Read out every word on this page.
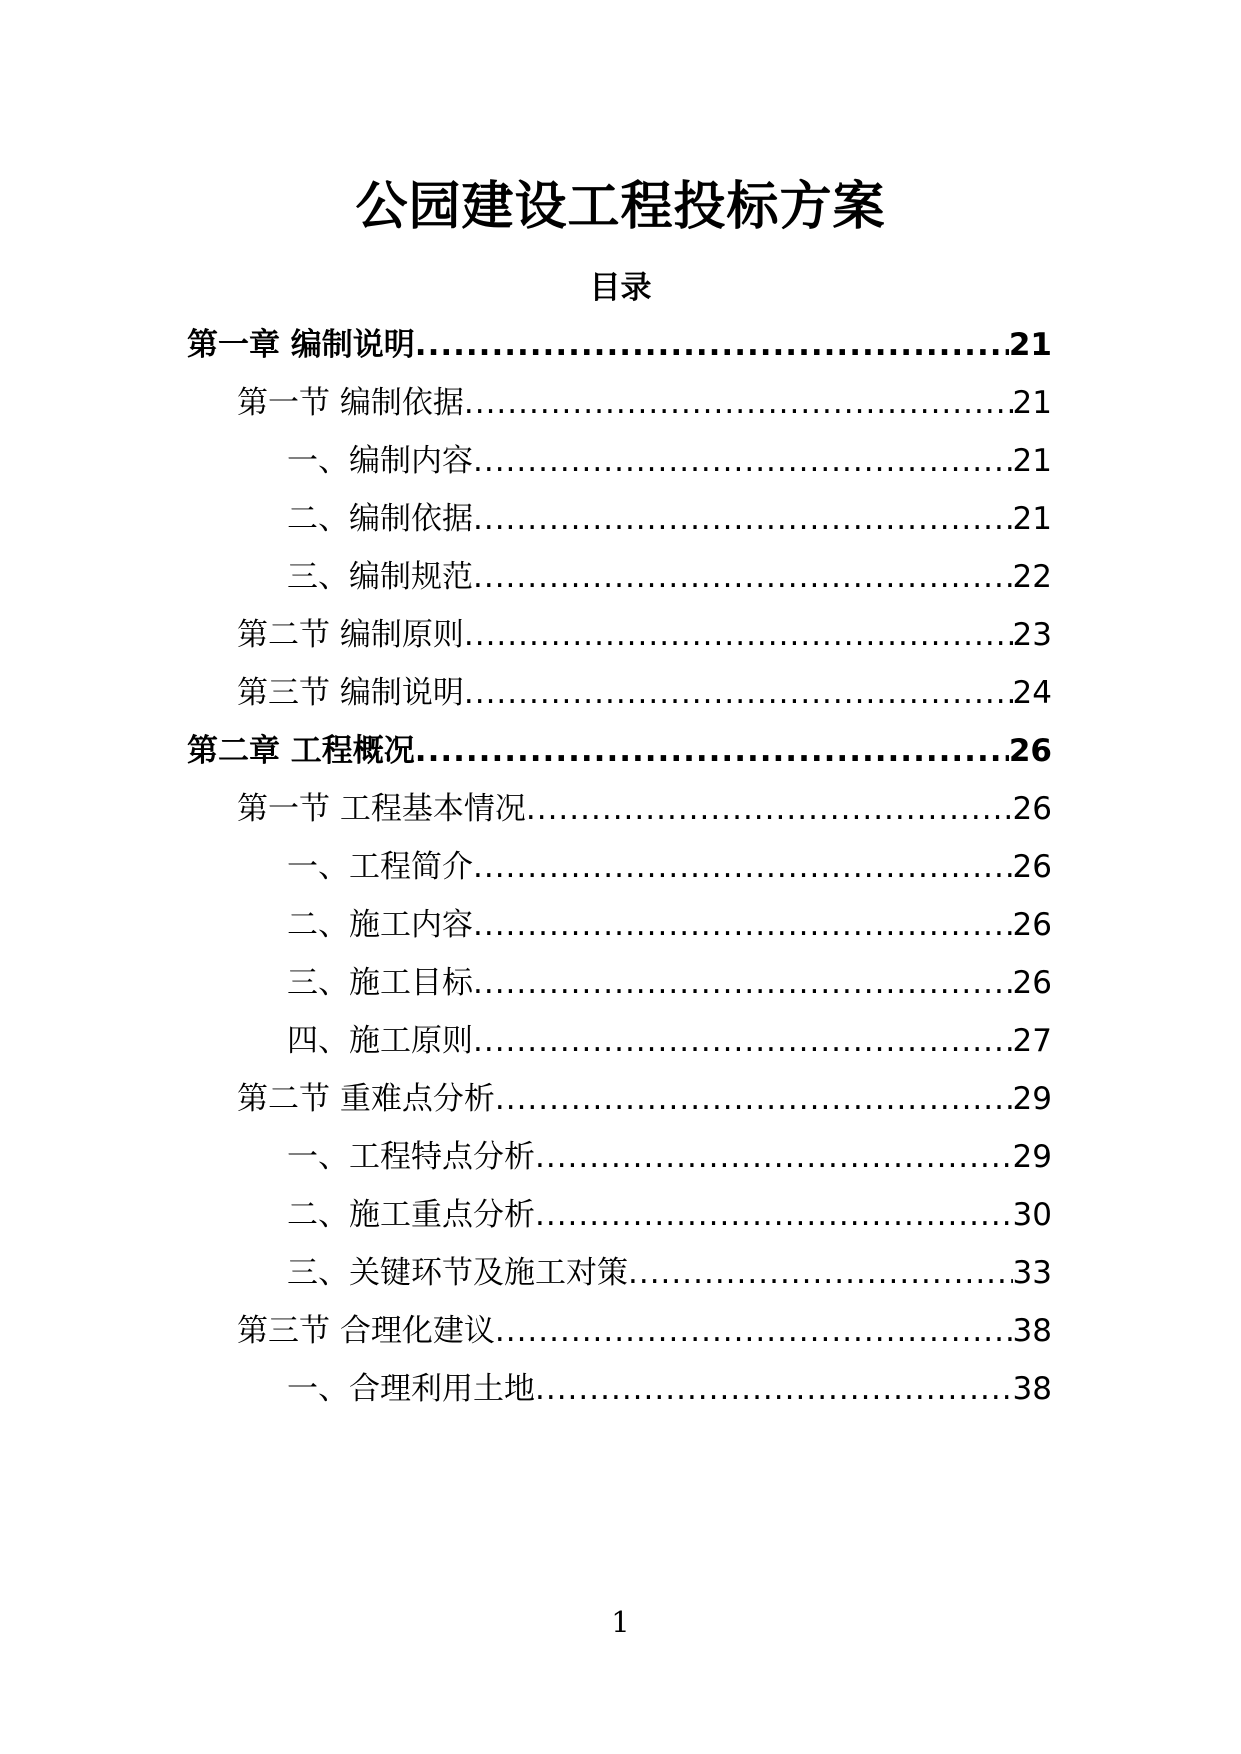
公园建设工程投标方案
目录
第一章 编制说明 .....	21
第一节 编制依据 .....	21
一、编制内容 .....	21
二、编制依据 .....	21
三、编制规范 .....	22
第二节 编制原则 .....	23
第三节 编制说明 .....	24
第二章 工程概况 .....	26
第一节 工程基本情况 .....	26
一、工程简介 .....	26
二、施工内容 .....	26
三、施工目标 .....	26
四、施工原则 .....	27
第二节 重难点分析 .....	29
一、工程特点分析 .....	29
二、施工重点分析 .....	30
三、关键环节及施工对策 .....	33
第三节 合理化建议 .....	38
一、合理利用土地 .....	38
1
